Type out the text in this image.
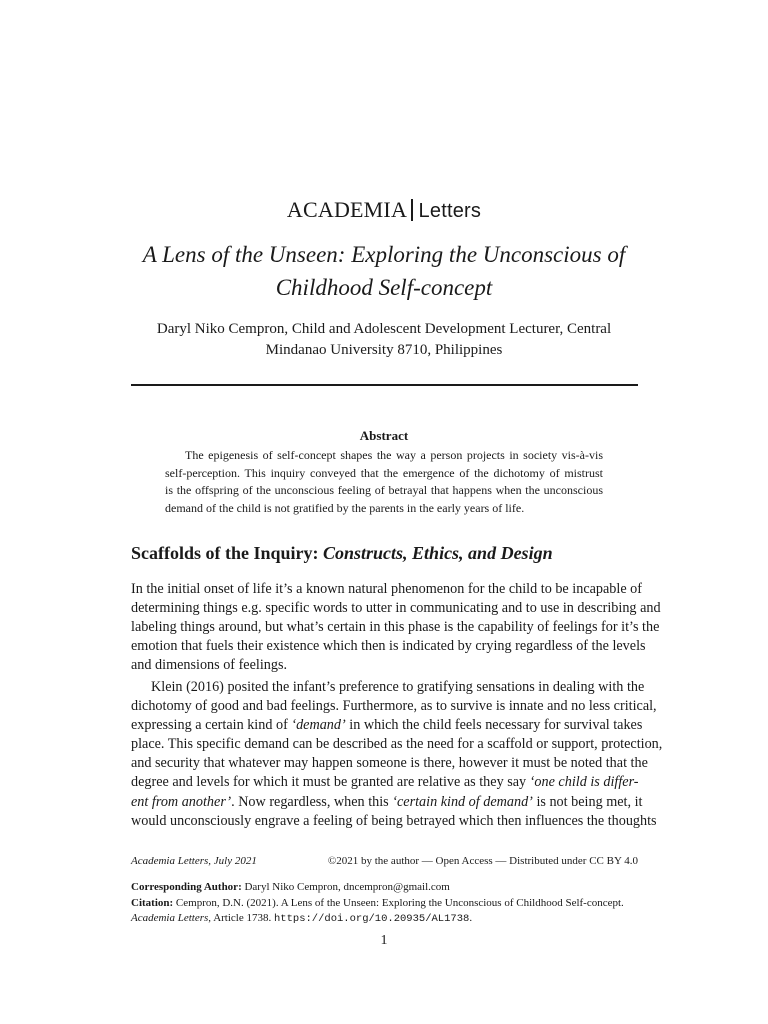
ACADEMIA Letters
A Lens of the Unseen: Exploring the Unconscious of
Childhood Self-concept
Daryl Niko Cempron, Child and Adolescent Development Lecturer, Central
Mindanao University 8710, Philippines
Abstract
The epigenesis of self-concept shapes the way a person projects in society vis-à-vis
self-perception. This inquiry conveyed that the emergence of the dichotomy of mistrust
is the offspring of the unconscious feeling of betrayal that happens when the unconscious
demand of the child is not gratified by the parents in the early years of life.
Scaffolds of the Inquiry: Constructs, Ethics, and Design
In the initial onset of life it’s a known natural phenomenon for the child to be incapable of
determining things e.g. specific words to utter in communicating and to use in describing and
labeling things around, but what’s certain in this phase is the capability of feelings for it’s the
emotion that fuels their existence which then is indicated by crying regardless of the levels
and dimensions of feelings.
Klein (2016) posited the infant’s preference to gratifying sensations in dealing with the
dichotomy of good and bad feelings. Furthermore, as to survive is innate and no less critical,
expressing a certain kind of ‘demand’ in which the child feels necessary for survival takes
place. This specific demand can be described as the need for a scaffold or support, protection,
and security that whatever may happen someone is there, however it must be noted that the
degree and levels for which it must be granted are relative as they say ‘one child is differ-
ent from another’. Now regardless, when this ‘certain kind of demand’ is not being met, it
would unconsciously engrave a feeling of being betrayed which then influences the thoughts
Academia Letters, July 2021	©2021 by the author — Open Access — Distributed under CC BY 4.0
Corresponding Author: Daryl Niko Cempron, dncempron@gmail.com
Citation: Cempron, D.N. (2021). A Lens of the Unseen: Exploring the Unconscious of Childhood Self-concept.
Academia Letters, Article 1738. https://doi.org/10.20935/AL1738.
1
